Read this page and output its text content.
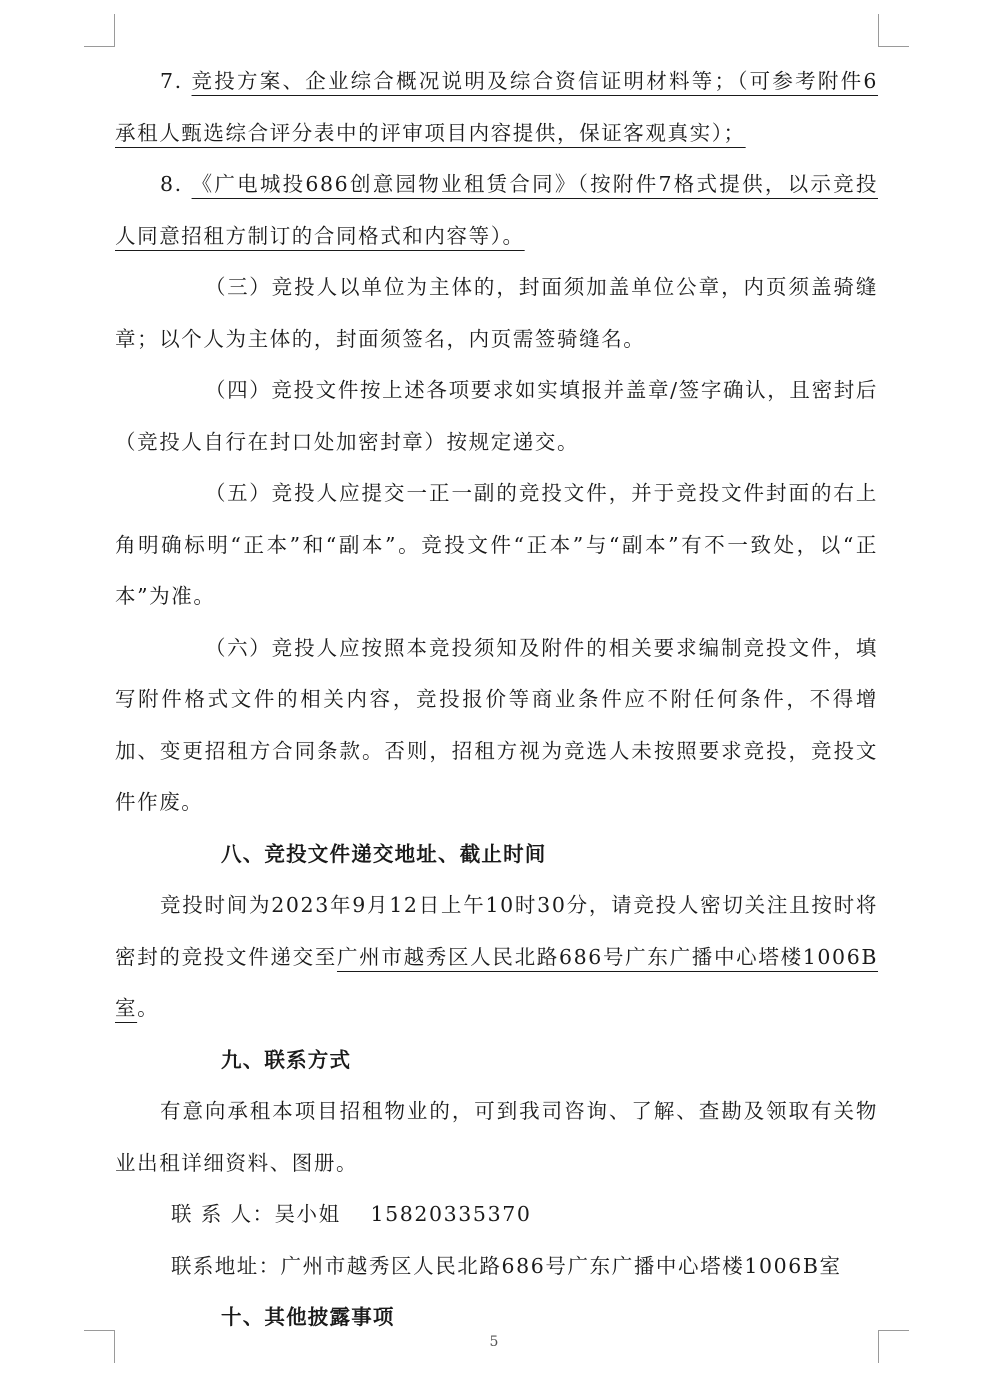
7. 竞投方案、企业综合概况说明及综合资信证明材料等；（可参考附件6承租人甄选综合评分表中的评审项目内容提供，保证客观真实）；

8. 《广电城投686创意园物业租赁合同》（按附件7格式提供，以示竞投人同意招租方制订的合同格式和内容等）。

（三）竞投人以单位为主体的，封面须加盖单位公章，内页须盖骑缝章；以个人为主体的，封面须签名，内页需签骑缝名。

（四）竞投文件按上述各项要求如实填报并盖章/签字确认，且密封后（竞投人自行在封口处加密封章）按规定递交。

（五）竞投人应提交一正一副的竞投文件，并于竞投文件封面的右上角明确标明“正本”和“副本”。竞投文件“正本”与“副本”有不一致处，以“正本”为准。

（六）竞投人应按照本竞投须知及附件的相关要求编制竞投文件，填写附件格式文件的相关内容，竞投报价等商业条件应不附任何条件，不得增加、变更招租方合同条款。否则，招租方视为竞选人未按照要求竞投，竞投文件作废。

八、竞投文件递交地址、截止时间

竞投时间为2023年9月12日上午10时30分，请竞投人密切关注且按时将密封的竞投文件递交至广州市越秀区人民北路686号广东广播中心塔楼1006B室。

九、联系方式

有意向承租本项目招租物业的，可到我司咨询、了解、查勘及领取有关物业出租详细资料、图册。

联 系 人：吴小姐 15820335370

联系地址：广州市越秀区人民北路686号广东广播中心塔楼1006B室

十、其他披露事项

5
